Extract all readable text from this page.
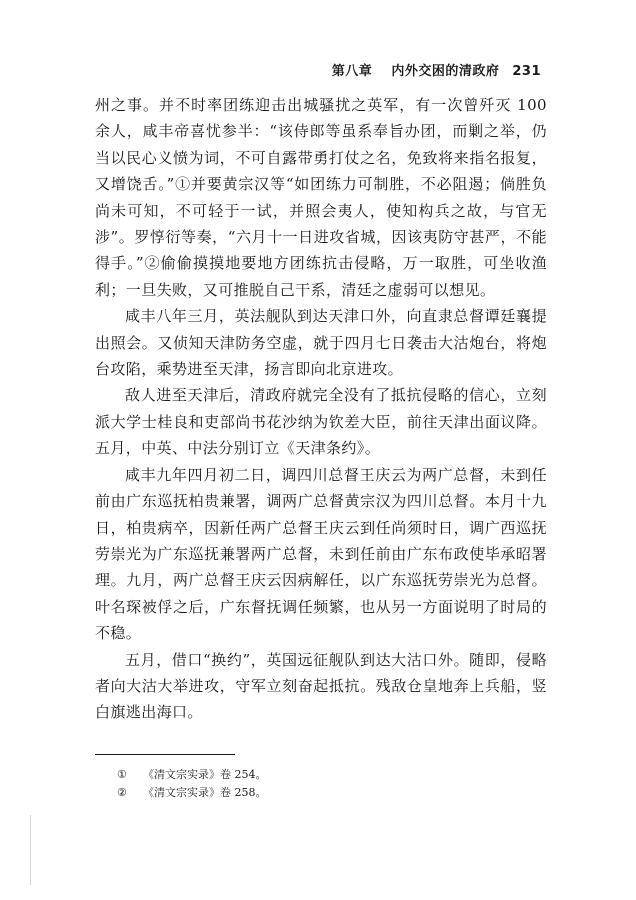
第八章 内外交困的清政府 231

州之事。并不时率团练迎击出城骚扰之英军，有一次曾歼灭 100 余人，咸丰帝喜忧参半：“该侍郎等虽系奉旨办团，而剿之举，仍当以民心义愤为词，不可自露带勇打仗之名，免致将来指名报复，又增饶舌。”①并要黄宗汉等“如团练力可制胜，不必阻遏；倘胜负尚未可知，不可轻于一试，并照会夷人，使知构兵之故，与官无涉”。罗惇衍等奏，“六月十一日进攻省城，因该夷防守甚严，不能得手。”②偷偷摸摸地要地方团练抗击侵略，万一取胜，可坐收渔利；一旦失败，又可推脱自己干系，清廷之虚弱可以想见。

咸丰八年三月，英法舰队到达天津口外，向直隶总督谭廷襄提出照会。又侦知天津防务空虚，就于四月七日袭击大沽炮台，将炮台攻陷，乘势进至天津，扬言即向北京进攻。

敌人进至天津后，清政府就完全没有了抵抗侵略的信心，立刻派大学士桂良和吏部尚书花沙纳为钦差大臣，前往天津出面议降。五月，中英、中法分别订立《天津条约》。

咸丰九年四月初二日，调四川总督王庆云为两广总督，未到任前由广东巡抚柏贵兼署，调两广总督黄宗汉为四川总督。本月十九日，柏贵病卒，因新任两广总督王庆云到任尚须时日，调广西巡抚劳崇光为广东巡抚兼署两广总督，未到任前由广东布政使毕承昭署理。九月，两广总督王庆云因病解任，以广东巡抚劳崇光为总督。叶名琛被俘之后，广东督抚调任频繁，也从另一方面说明了时局的不稳。

五月，借口“换约”，英国远征舰队到达大沽口外。随即，侵略者向大沽大举进攻，守军立刻奋起抵抗。残敌仓皇地奔上兵船，竖白旗逃出海口。

① 《清文宗实录》卷 254。
② 《清文宗实录》卷 258。
